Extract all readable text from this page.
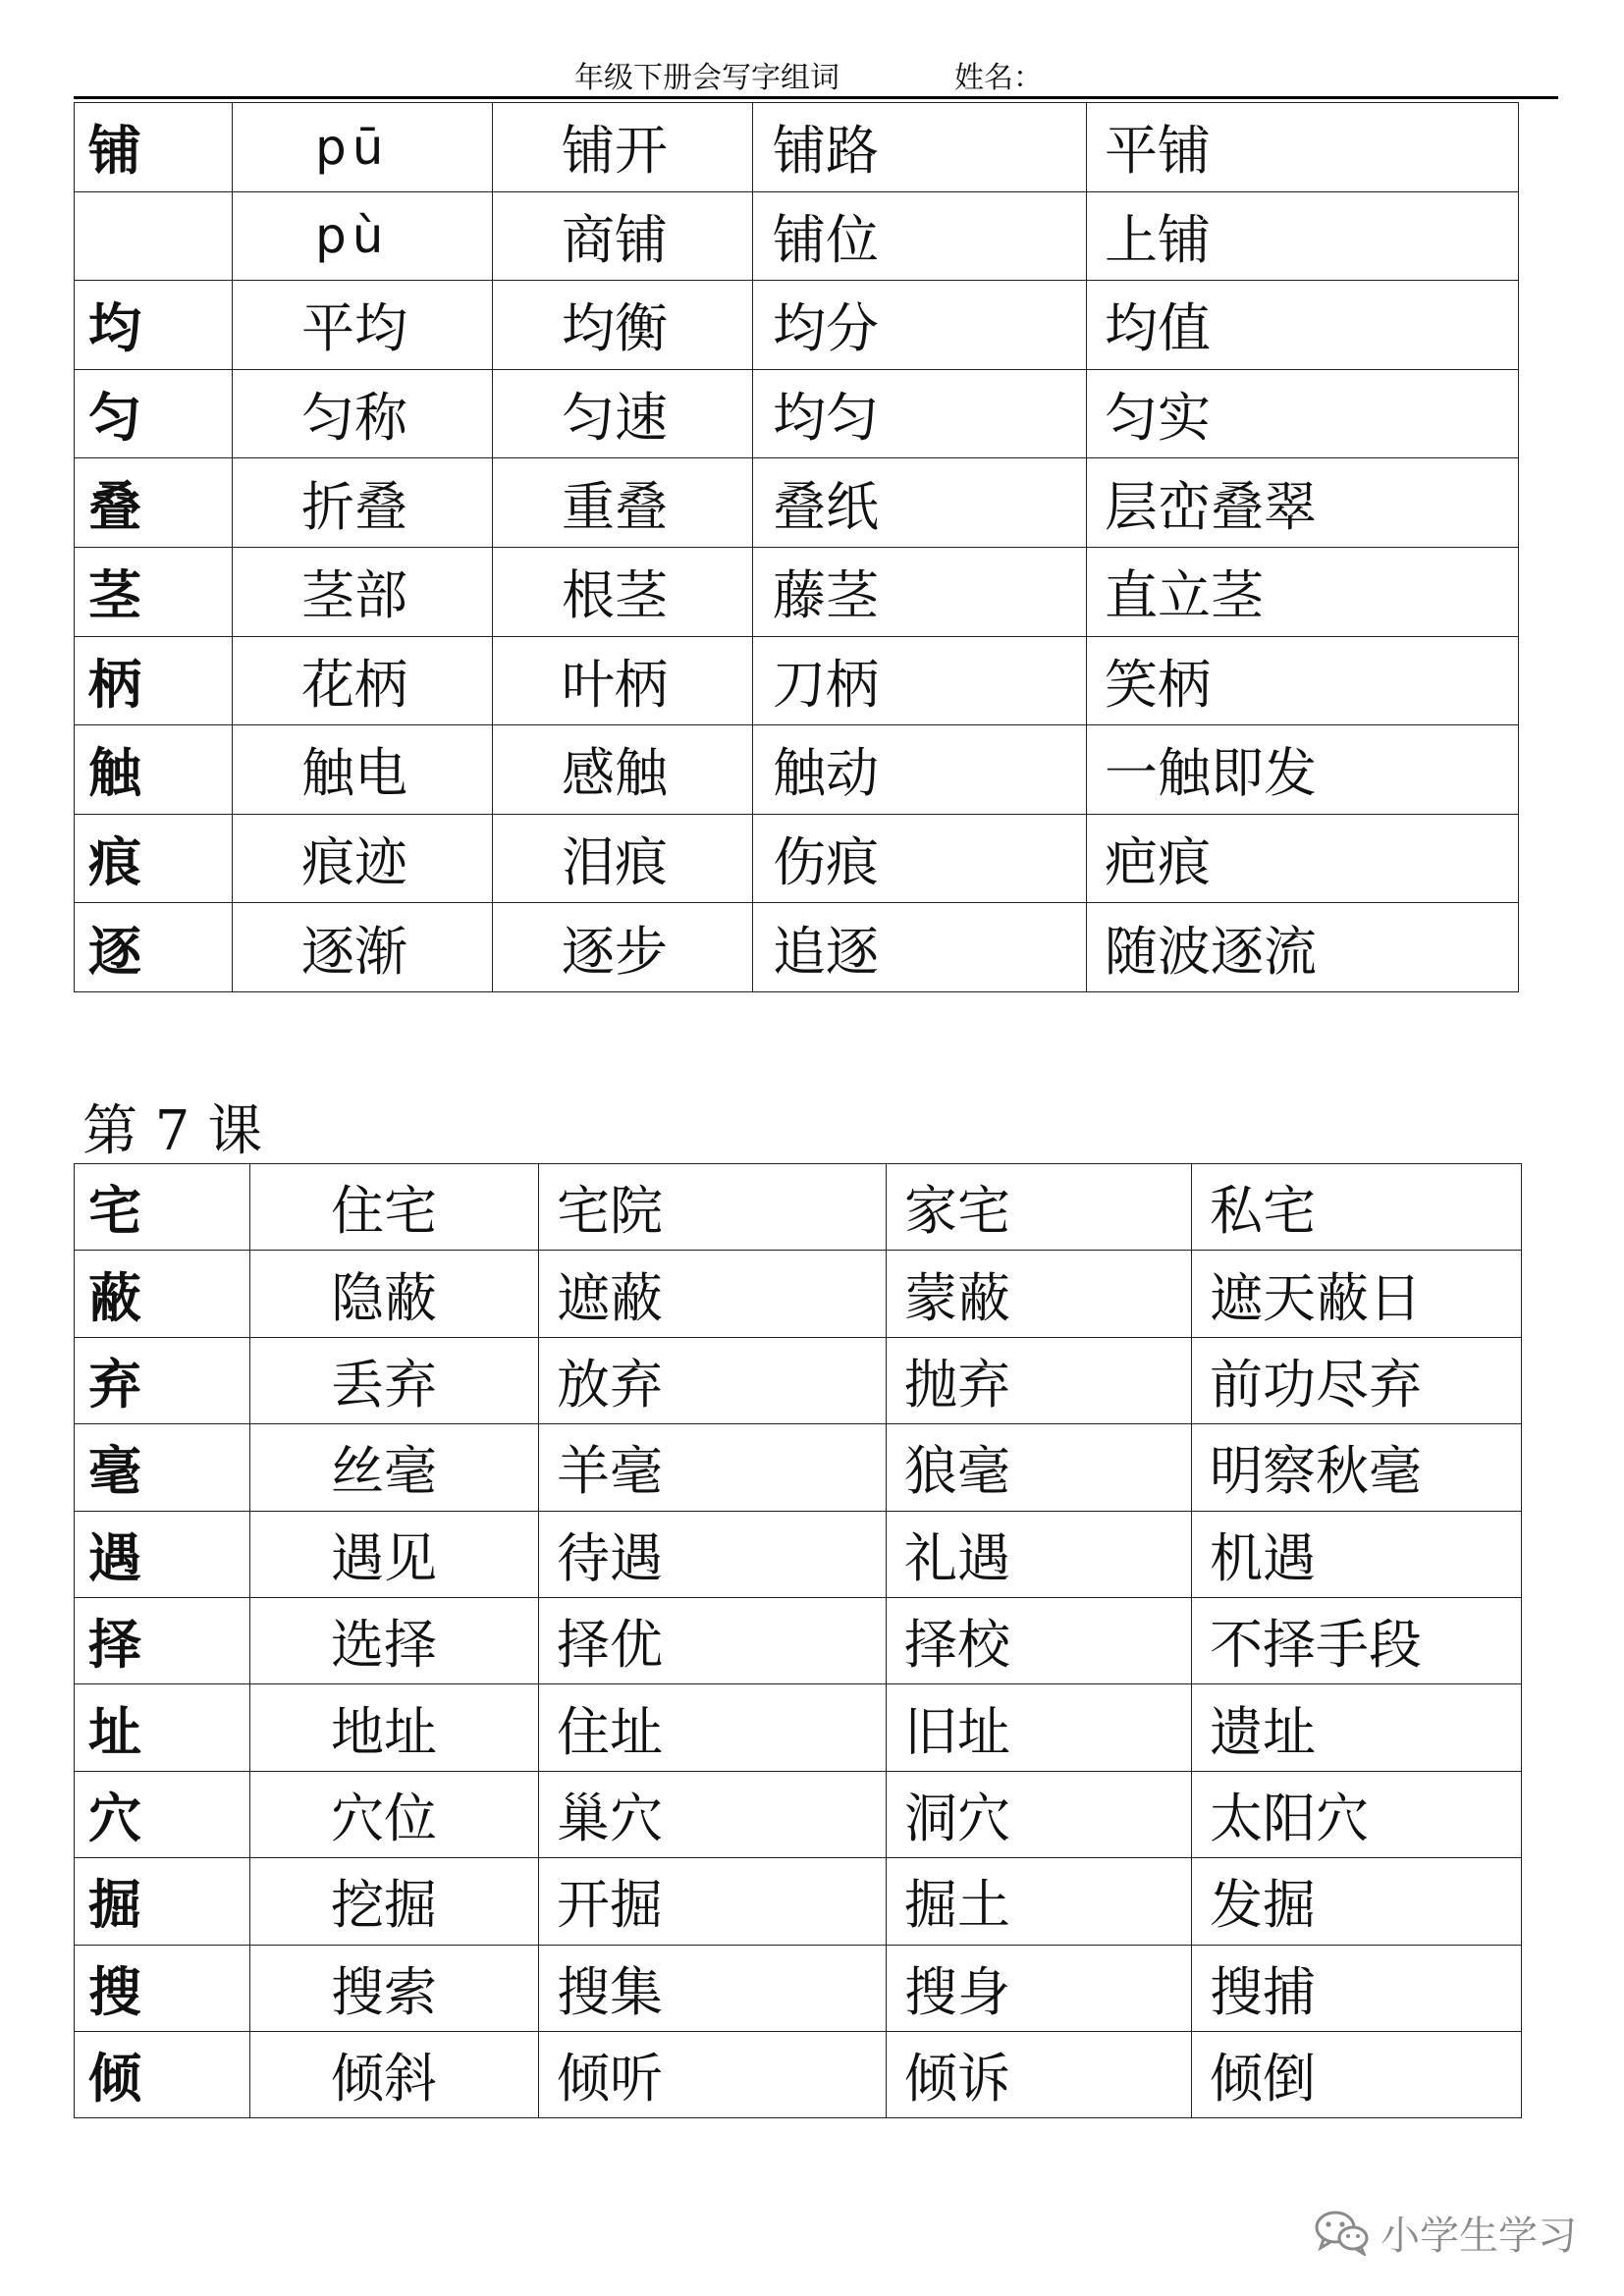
年级下册会写字组词	姓名：
铺	pū	铺开	铺路	平铺
	pù	商铺	铺位	上铺
均	平均	均衡	均分	均值
匀	匀称	匀速	均匀	匀实
叠	折叠	重叠	叠纸	层峦叠翠
茎	茎部	根茎	藤茎	直立茎
柄	花柄	叶柄	刀柄	笑柄
触	触电	感触	触动	一触即发
痕	痕迹	泪痕	伤痕	疤痕
逐	逐渐	逐步	追逐	随波逐流
第 7 课
宅	住宅	宅院	家宅	私宅
蔽	隐蔽	遮蔽	蒙蔽	遮天蔽日
弃	丢弃	放弃	抛弃	前功尽弃
毫	丝毫	羊毫	狼毫	明察秋毫
遇	遇见	待遇	礼遇	机遇
择	选择	择优	择校	不择手段
址	地址	住址	旧址	遗址
穴	穴位	巢穴	洞穴	太阳穴
掘	挖掘	开掘	掘土	发掘
搜	搜索	搜集	搜身	搜捕
倾	倾斜	倾听	倾诉	倾倒
小学生学习
